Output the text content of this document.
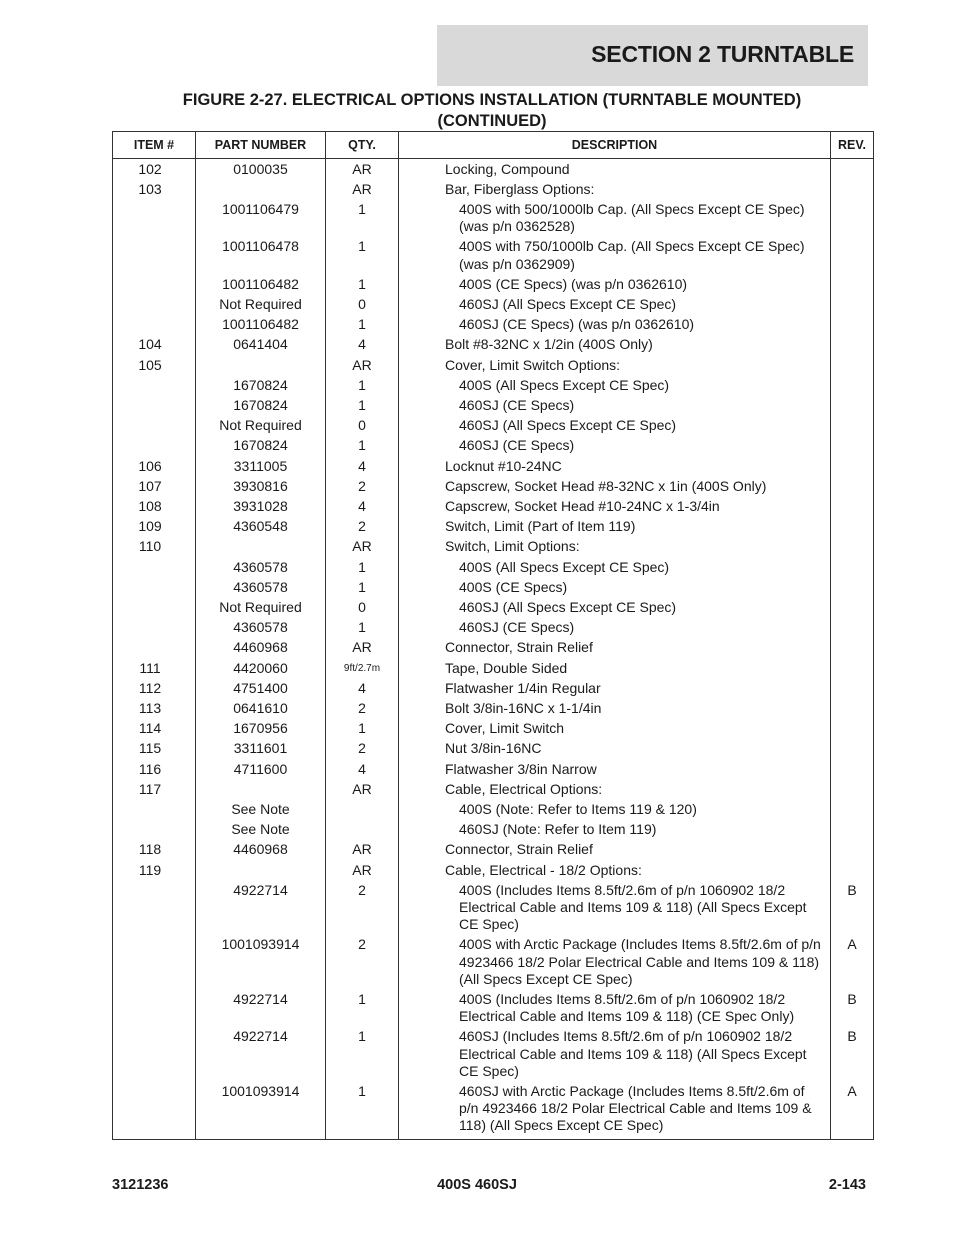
SECTION 2 TURNTABLE
FIGURE 2-27. ELECTRICAL OPTIONS INSTALLATION (TURNTABLE MOUNTED)
(CONTINUED)
ITEM #	PART NUMBER	QTY.	DESCRIPTION	REV.
102	0100035	AR	Locking, Compound	
103		AR	Bar, Fiberglass Options:	
	1001106479	1	400S with 500/1000lb Cap. (All Specs Except CE Spec) (was p/n 0362528)	
	1001106478	1	400S with 750/1000lb Cap. (All Specs Except CE Spec) (was p/n 0362909)	
	1001106482	1	400S (CE Specs) (was p/n 0362610)	
	Not Required	0	460SJ (All Specs Except CE Spec)	
	1001106482	1	460SJ (CE Specs) (was p/n 0362610)	
104	0641404	4	Bolt #8-32NC x 1/2in (400S Only)	
105		AR	Cover, Limit Switch Options:	
	1670824	1	400S (All Specs Except CE Spec)	
	1670824	1	460SJ (CE Specs)	
	Not Required	0	460SJ (All Specs Except CE Spec)	
	1670824	1	460SJ (CE Specs)	
106	3311005	4	Locknut #10-24NC	
107	3930816	2	Capscrew, Socket Head #8-32NC x 1in (400S Only)	
108	3931028	4	Capscrew, Socket Head #10-24NC x 1-3/4in	
109	4360548	2	Switch, Limit (Part of Item 119)	
110		AR	Switch, Limit Options:	
	4360578	1	400S (All Specs Except CE Spec)	
	4360578	1	400S (CE Specs)	
	Not Required	0	460SJ (All Specs Except CE Spec)	
	4360578	1	460SJ (CE Specs)	
	4460968	AR	Connector, Strain Relief	
111	4420060	9ft/2.7m	Tape, Double Sided	
112	4751400	4	Flatwasher 1/4in Regular	
113	0641610	2	Bolt 3/8in-16NC x 1-1/4in	
114	1670956	1	Cover, Limit Switch	
115	3311601	2	Nut 3/8in-16NC	
116	4711600	4	Flatwasher 3/8in Narrow	
117		AR	Cable, Electrical Options:	
	See Note		400S (Note: Refer to Items 119 & 120)	
	See Note		460SJ (Note: Refer to Item 119)	
118	4460968	AR	Connector, Strain Relief	
119		AR	Cable, Electrical - 18/2 Options:	
	4922714	2	400S (Includes Items 8.5ft/2.6m of p/n 1060902 18/2 Electrical Cable and Items 109 & 118) (All Specs Except CE Spec)	B
	1001093914	2	400S with Arctic Package (Includes Items 8.5ft/2.6m of p/n 4923466 18/2 Polar Electrical Cable and Items 109 & 118) (All Specs Except CE Spec)	A
	4922714	1	400S (Includes Items 8.5ft/2.6m of p/n 1060902 18/2 Electrical Cable and Items 109 & 118) (CE Spec Only)	B
	4922714	1	460SJ (Includes Items 8.5ft/2.6m of p/n 1060902 18/2 Electrical Cable and Items 109 & 118) (All Specs Except CE Spec)	B
	1001093914	1	460SJ with Arctic Package (Includes Items 8.5ft/2.6m of p/n 4923466 18/2 Polar Electrical Cable and Items 109 & 118) (All Specs Except CE Spec)	A
3121236	400S 460SJ	2-143
